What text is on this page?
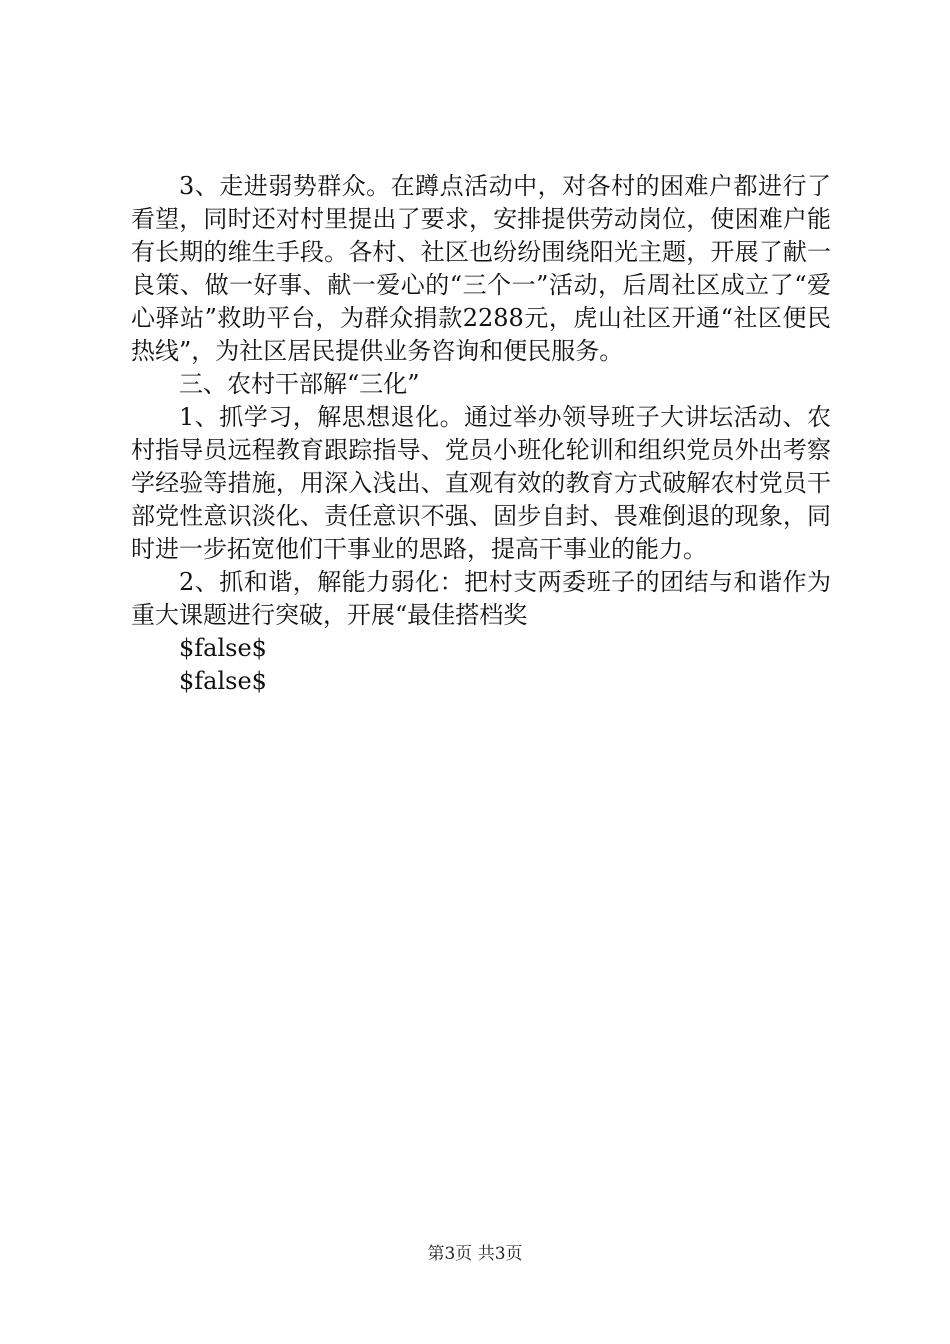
3、走进弱势群众。在蹲点活动中，对各村的困难户都进行了看望，同时还对村里提出了要求，安排提供劳动岗位，使困难户能有长期的维生手段。各村、社区也纷纷围绕阳光主题，开展了献一良策、做一好事、献一爱心的“三个一”活动，后周社区成立了“爱心驿站”救助平台，为群众捐款2288元，虎山社区开通“社区便民热线”，为社区居民提供业务咨询和便民服务。

三、农村干部解“三化”

1、抓学习，解思想退化。通过举办领导班子大讲坛活动、农村指导员远程教育跟踪指导、党员小班化轮训和组织党员外出考察学经验等措施，用深入浅出、直观有效的教育方式破解农村党员干部党性意识淡化、责任意识不强、固步自封、畏难倒退的现象，同时进一步拓宽他们干事业的思路，提高干事业的能力。

2、抓和谐，解能力弱化：把村支两委班子的团结与和谐作为重大课题进行突破，开展“最佳搭档奖

$false$

$false$

第3页 共3页
